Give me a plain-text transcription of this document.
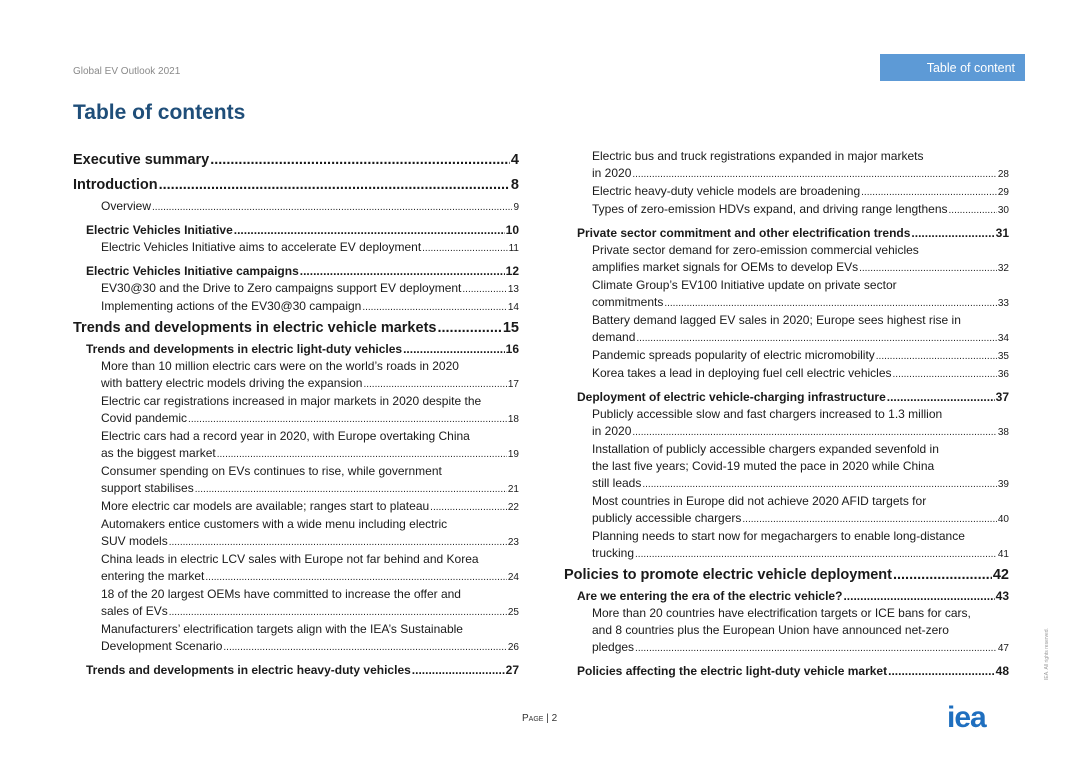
Global EV Outlook 2021	Table of content
Table of contents
Executive summary .....	4
Introduction .....	8
Overview .....	9
Electric Vehicles Initiative .....	10
Electric Vehicles Initiative aims to accelerate EV deployment .....	11
Electric Vehicles Initiative campaigns .....	12
EV30@30 and the Drive to Zero campaigns support EV deployment .....	13
Implementing actions of the EV30@30 campaign .....	14
Trends and developments in electric vehicle markets .....	15
Trends and developments in electric light-duty vehicles .....	16
More than 10 million electric cars were on the world’s roads in 2020
with battery electric models driving the expansion .....	17
Electric car registrations increased in major markets in 2020 despite the
Covid pandemic .....	18
Electric cars had a record year in 2020, with Europe overtaking China
as the biggest market .....	19
Consumer spending on EVs continues to rise, while government
support stabilises .....	21
More electric car models are available; ranges start to plateau .....	22
Automakers entice customers with a wide menu including electric
SUV models .....	23
China leads in electric LCV sales with Europe not far behind and Korea
entering the market .....	24
18 of the 20 largest OEMs have committed to increase the offer and
sales of EVs .....	25
Manufacturers’ electrification targets align with the IEA’s Sustainable
Development Scenario .....	26
Trends and developments in electric heavy-duty vehicles .....	27
Electric bus and truck registrations expanded in major markets
in 2020 .....	28
Electric heavy-duty vehicle models are broadening .....	29
Types of zero-emission HDVs expand, and driving range lengthens .....	30
Private sector commitment and other electrification trends .....	31
Private sector demand for zero-emission commercial vehicles
amplifies market signals for OEMs to develop EVs .....	32
Climate Group’s EV100 Initiative update on private sector
commitments .....	33
Battery demand lagged EV sales in 2020; Europe sees highest rise in
demand .....	34
Pandemic spreads popularity of electric micromobility .....	35
Korea takes a lead in deploying fuel cell electric vehicles .....	36
Deployment of electric vehicle-charging infrastructure .....	37
Publicly accessible slow and fast chargers increased to 1.3 million
in 2020 .....	38
Installation of publicly accessible chargers expanded sevenfold in
the last five years; Covid-19 muted the pace in 2020 while China
still leads .....	39
Most countries in Europe did not achieve 2020 AFID targets for
publicly accessible chargers .....	40
Planning needs to start now for megachargers to enable long-distance
trucking .....	41
Policies to promote electric vehicle deployment .....	42
Are we entering the era of the electric vehicle? .....	43
More than 20 countries have electrification targets or ICE bans for cars,
and 8 countries plus the European Union have announced net-zero
pledges .....	47
Policies affecting the electric light-duty vehicle market .....	48
Page | 2	iea
IEA. All rights reserved.
